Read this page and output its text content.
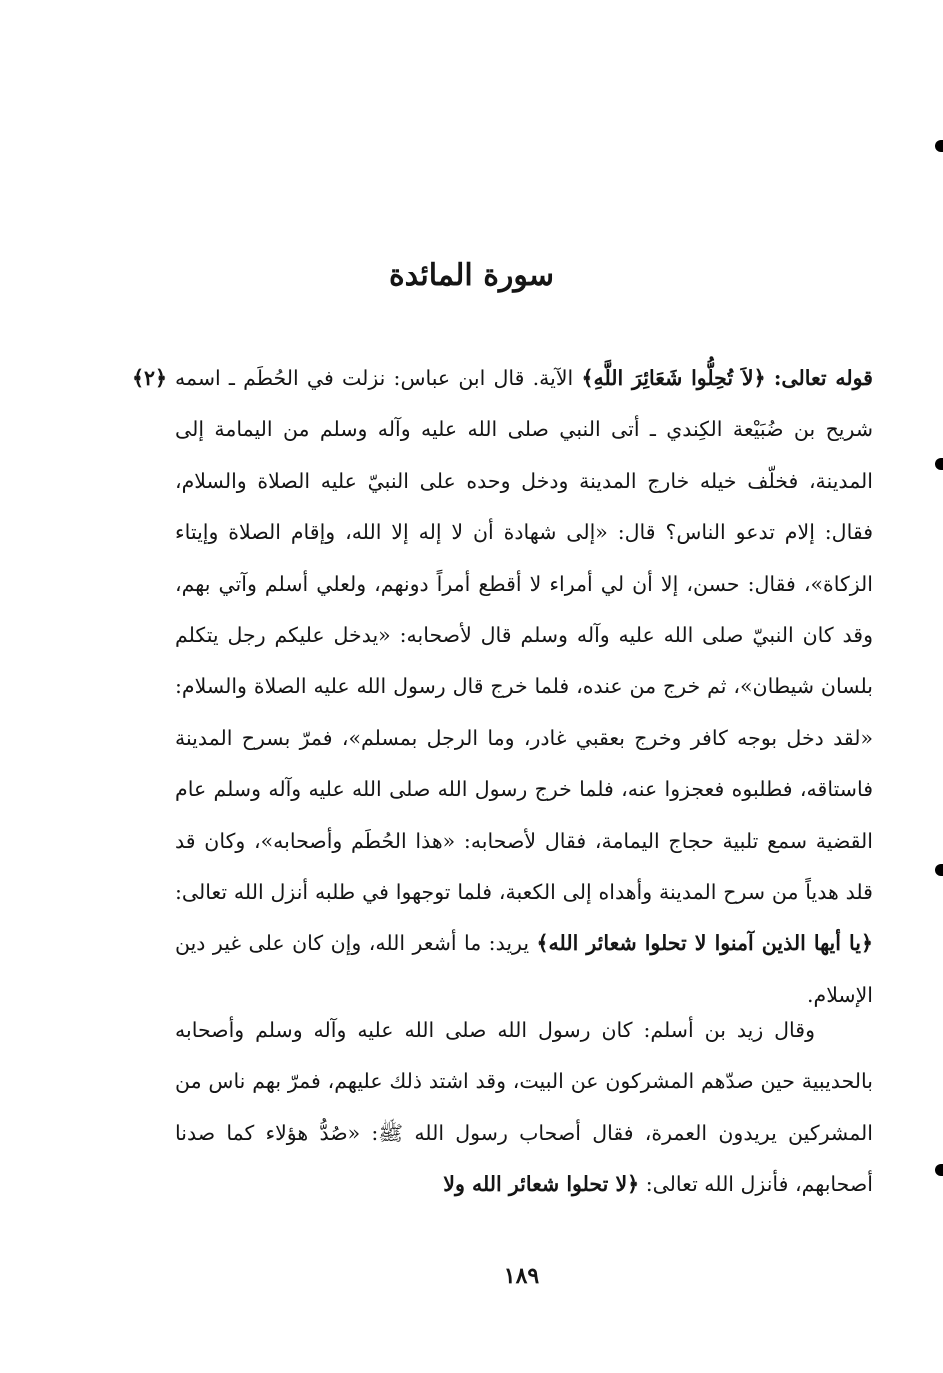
سورة المائدة
قوله تعالى: ﴿لاَ تُحِلُّوا شَعَائِرَ اللَّهِ﴾ الآية. قال ابن عباس: نزلت في الحُطَم ـ اسمه شريح بن ضُبَيْعة الكِندي ـ أتى النبي صلى الله عليه وآله وسلم من اليمامة إلى المدينة، فخلّف خيله خارج المدينة ودخل وحده على النبيّ عليه الصلاة والسلام، فقال: إلام تدعو الناس؟ قال: «إلى شهادة أن لا إله إلا الله، وإقام الصلاة وإيتاء الزكاة»، فقال: حسن، إلا أن لي أمراء لا أقطع أمراً دونهم، ولعلي أسلم وآتي بهم، وقد كان النبيّ صلى الله عليه وآله وسلم قال لأصحابه: «يدخل عليكم رجل يتكلم بلسان شيطان»، ثم خرج من عنده، فلما خرج قال رسول الله عليه الصلاة والسلام: «لقد دخل بوجه كافر وخرج بعقبي غادر، وما الرجل بمسلم»، فمرّ بسرح المدينة فاستاقه، فطلبوه فعجزوا عنه، فلما خرج رسول الله صلى الله عليه وآله وسلم عام القضية سمع تلبية حجاج اليمامة، فقال لأصحابه: «هذا الحُطَم وأصحابه»، وكان قد قلد هدياً من سرح المدينة وأهداه إلى الكعبة، فلما توجهوا في طلبه أنزل الله تعالى: ﴿يا أيها الذين آمنوا لا تحلوا شعائر الله﴾ يريد: ما أشعر الله، وإن كان على غير دين الإسلام.
وقال زيد بن أسلم: كان رسول الله صلى الله عليه وآله وسلم وأصحابه بالحديبية حين صدّهم المشركون عن البيت، وقد اشتد ذلك عليهم، فمرّ بهم ناس من المشركين يريدون العمرة، فقال أصحاب رسول الله ﷺ: «صُدُّ هؤلاء كما صدنا أصحابهم، فأنزل الله تعالى: ﴿لا تحلوا شعائر الله ولا
﴿٢﴾
١٨٩
